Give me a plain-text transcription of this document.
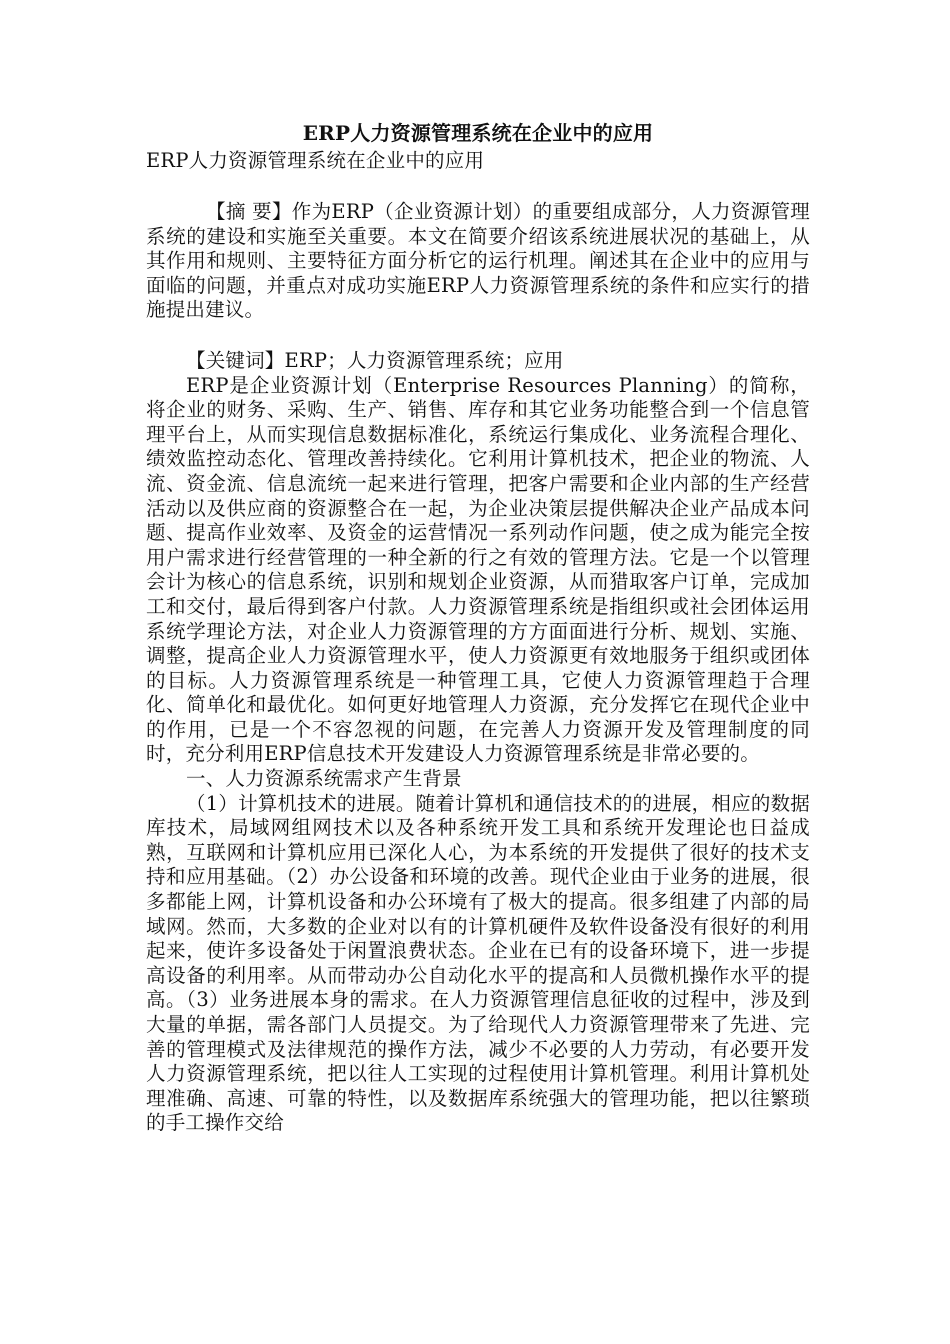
ERP人力资源管理系统在企业中的应用

ERP人力资源管理系统在企业中的应用

【摘 要】作为ERP（企业资源计划）的重要组成部分，人力资源管理系统的建设和实施至关重要。本文在简要介绍该系统进展状况的基础上，从其作用和规则、主要特征方面分析它的运行机理。阐述其在企业中的应用与面临的问题，并重点对成功实施ERP人力资源管理系统的条件和应实行的措施提出建议。

【关键词】ERP；人力资源管理系统；应用

ERP是企业资源计划（Enterprise Resources Planning）的简称，将企业的财务、采购、生产、销售、库存和其它业务功能整合到一个信息管理平台上，从而实现信息数据标准化，系统运行集成化、业务流程合理化、绩效监控动态化、管理改善持续化。它利用计算机技术，把企业的物流、人流、资金流、信息流统一起来进行管理，把客户需要和企业内部的生产经营活动以及供应商的资源整合在一起，为企业决策层提供解决企业产品成本问题、提高作业效率、及资金的运营情况一系列动作问题，使之成为能完全按用户需求进行经营管理的一种全新的行之有效的管理方法。它是一个以管理会计为核心的信息系统，识别和规划企业资源，从而猎取客户订单，完成加工和交付，最后得到客户付款。人力资源管理系统是指组织或社会团体运用系统学理论方法，对企业人力资源管理的方方面面进行分析、规划、实施、调整，提高企业人力资源管理水平，使人力资源更有效地服务于组织或团体的目标。人力资源管理系统是一种管理工具，它使人力资源管理趋于合理化、简单化和最优化。如何更好地管理人力资源，充分发挥它在现代企业中的作用，已是一个不容忽视的问题，在完善人力资源开发及管理制度的同时，充分利用ERP信息技术开发建设人力资源管理系统是非常必要的。

一、人力资源系统需求产生背景

（1）计算机技术的进展。随着计算机和通信技术的的进展，相应的数据库技术，局域网组网技术以及各种系统开发工具和系统开发理论也日益成熟，互联网和计算机应用已深化人心，为本系统的开发提供了很好的技术支持和应用基础。（2）办公设备和环境的改善。现代企业由于业务的进展，很多都能上网，计算机设备和办公环境有了极大的提高。很多组建了内部的局域网。然而，大多数的企业对以有的计算机硬件及软件设备没有很好的利用起来，使许多设备处于闲置浪费状态。企业在已有的设备环境下，进一步提高设备的利用率。从而带动办公自动化水平的提高和人员微机操作水平的提高。（3）业务进展本身的需求。在人力资源管理信息征收的过程中，涉及到大量的单据，需各部门人员提交。为了给现代人力资源管理带来了先进、完善的管理模式及法律规范的操作方法，减少不必要的人力劳动，有必要开发人力资源管理系统，把以往人工实现的过程使用计算机管理。利用计算机处理准确、高速、可靠的特性，以及数据库系统强大的管理功能，把以往繁琐的手工操作交给
